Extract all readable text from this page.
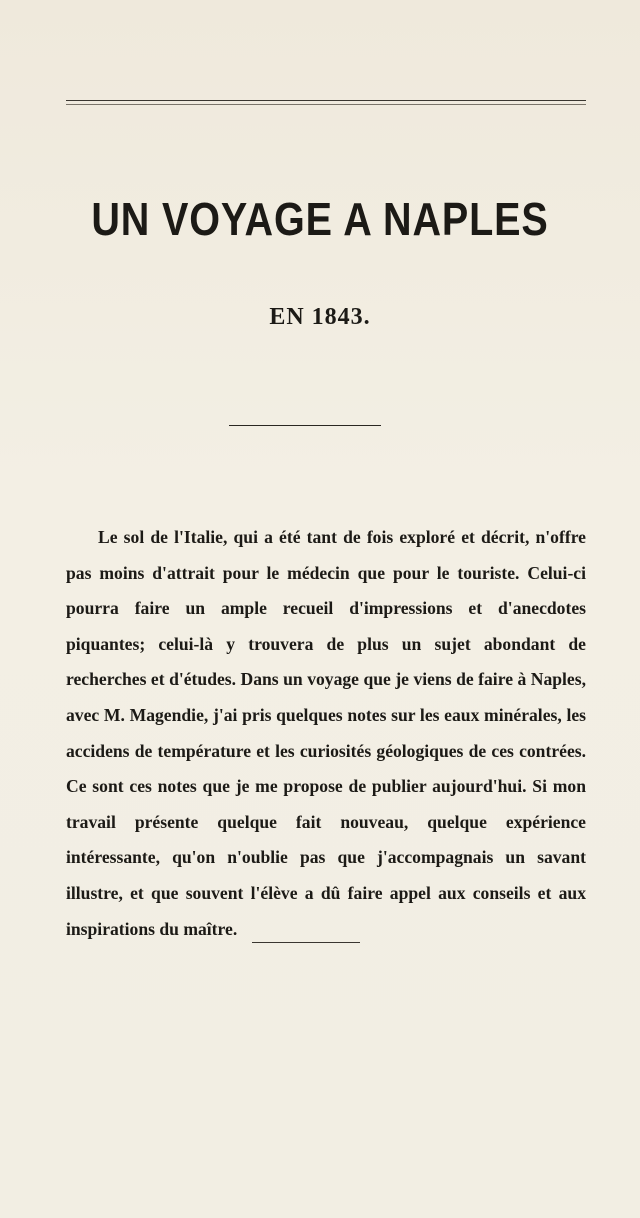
UN VOYAGE A NAPLES
EN 1843.

Le sol de l'Italie, qui a été tant de fois exploré et décrit, n'offre pas moins d'attrait pour le médecin que pour le touriste. Celui-ci pourra faire un ample recueil d'impressions et d'anecdotes piquantes; celui-là y trouvera de plus un sujet abondant de recherches et d'études. Dans un voyage que je viens de faire à Naples, avec M. Magendie, j'ai pris quelques notes sur les eaux minérales, les accidens de température et les curiosités géologiques de ces contrées. Ce sont ces notes que je me propose de publier aujourd'hui. Si mon travail présente quelque fait nouveau, quelque expérience intéressante, qu'on n'oublie pas que j'accompagnais un savant illustre, et que souvent l'élève a dû faire appel aux conseils et aux inspirations du maître.
